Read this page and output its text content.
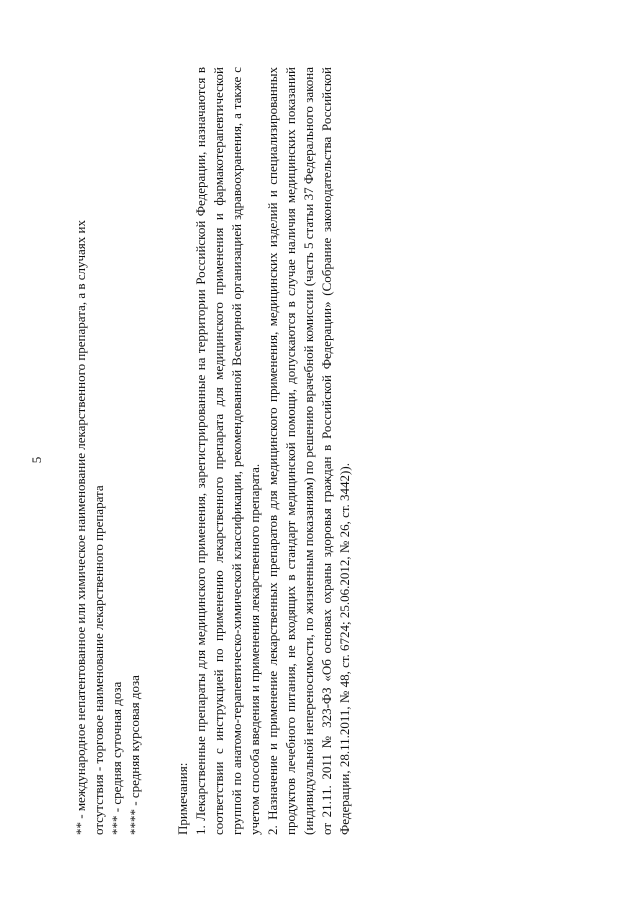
5 ** - международное непатентованное или химическое наименование лекарственного препарата, а в случаях их отсутствия - торговое наименование лекарственного препарата *** - средняя суточная доза **** - средняя курсовая доза	Примечания: 1. Лекарственные препараты для медицинского применения, зарегистрированные на территории Российской Федерации, назначаются в соответствии с инструкцией по применению лекарственного препарата для медицинского применения и фармакотерапевтической группой по анатомо-терапевтическо-химической классификации, рекомендованной Всемирной организацией здравоохранения, а также с учетом способа введения и применения лекарственного препарата. 2. Назначение и применение лекарственных препаратов для медицинского применения, медицинских изделий и специализированных продуктов лечебного питания, не входящих в стандарт медицинской помощи, допускаются в случае наличия медицинских показаний (индивидуальной непереносимости, по жизненным показаниям) по решению врачебной комиссии (часть 5 статьи 37 Федерального закона от 21.11. 2011 № 323-ФЗ «Об основах охраны здоровья граждан в Российской Федерации» (Собрание законодательства Российской Федерации, 28.11.2011, № 48, ст. 6724; 25.06.2012, № 26, ст. 3442)).
